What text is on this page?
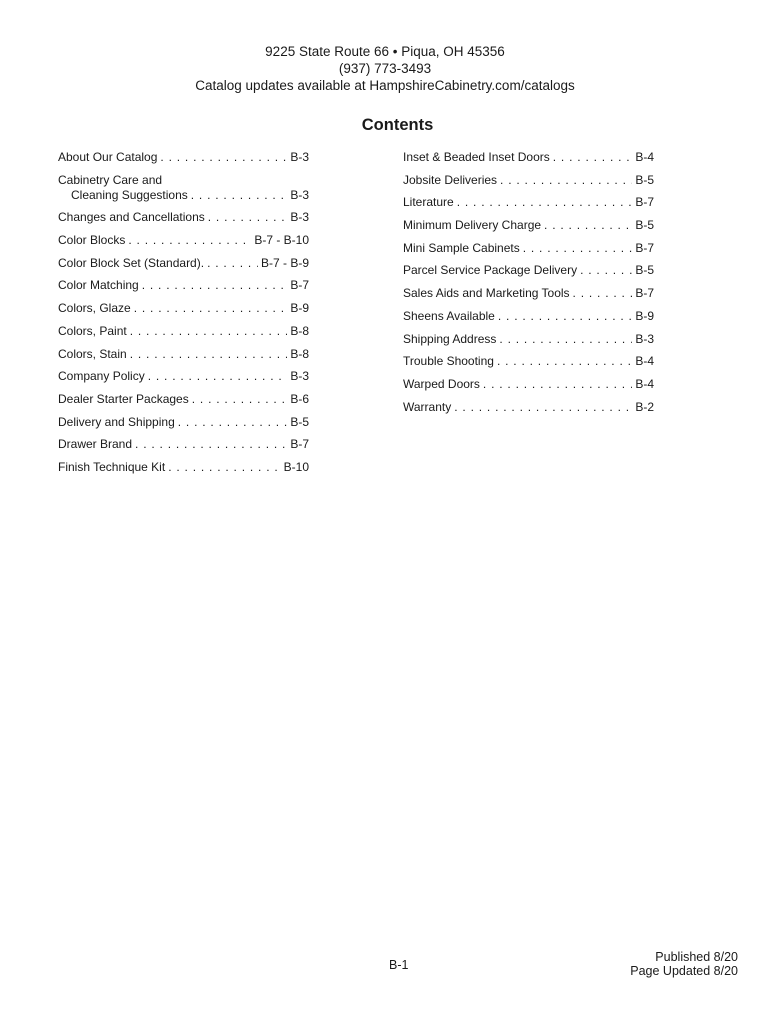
9225 State Route 66 • Piqua, OH 45356
(937) 773-3493
Catalog updates available at HampshireCabinetry.com/catalogs
Contents
About Our Catalog . . .	B-3
Cabinetry Care and
Cleaning Suggestions . . .	B-3
Changes and Cancellations . . .	B-3
Color Blocks . . .	B-7 - B-10
Color Block Set (Standard). . . .	B-7 - B-9
Color Matching . . .	B-7
Colors, Glaze . . .	B-9
Colors, Paint . . .	B-8
Colors, Stain . . .	B-8
Company Policy . . .	B-3
Dealer Starter Packages . . .	B-6
Delivery and Shipping . . .	B-5
Drawer Brand . . .	B-7
Finish Technique Kit . . .	B-10
Inset & Beaded Inset Doors . . .	B-4
Jobsite Deliveries . . .	B-5
Literature . . .	B-7
Minimum Delivery Charge . . .	B-5
Mini Sample Cabinets . . .	B-7
Parcel Service Package Delivery . . .	B-5
Sales Aids and Marketing Tools . . .	B-7
Sheens Available . . .	B-9
Shipping Address . . .	B-3
Trouble Shooting . . .	B-4
Warped Doors . . .	B-4
Warranty . . .	B-2
B-1
Published 8/20
Page Updated 8/20
